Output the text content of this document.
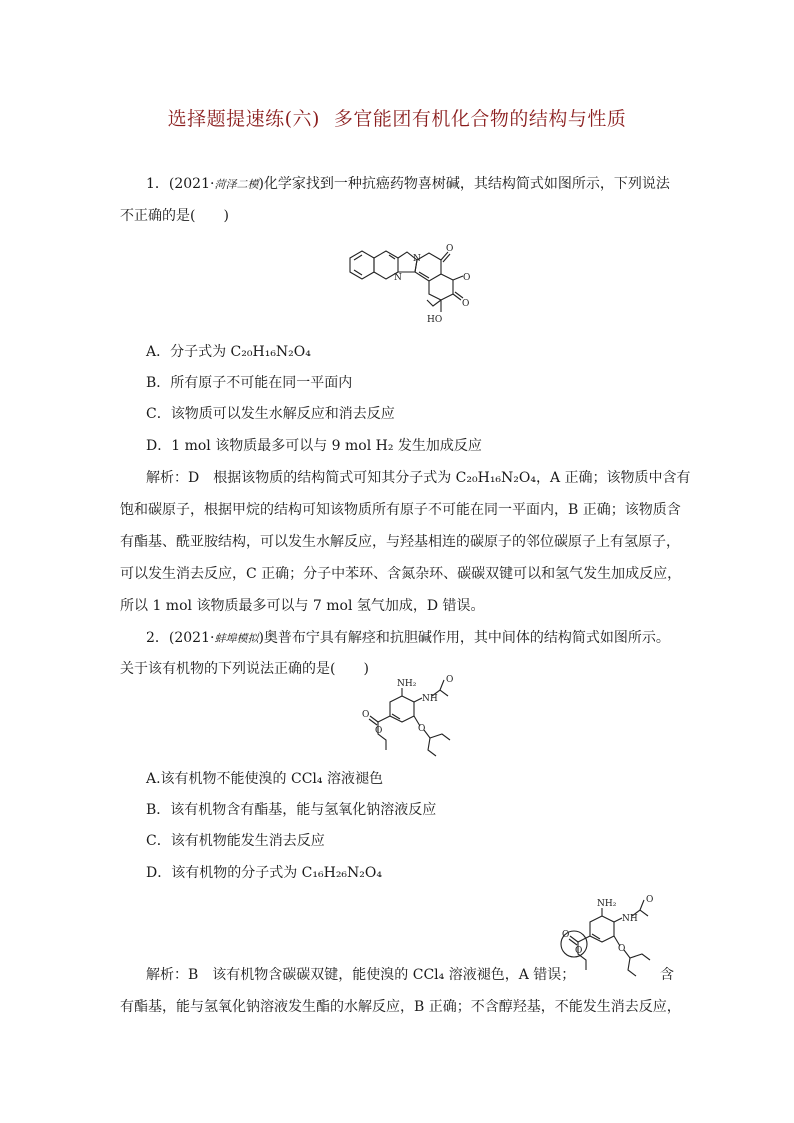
选择题提速练(六) 多官能团有机化合物的结构与性质
1．(2021·菏泽二模)化学家找到一种抗癌药物喜树碱，其结构简式如图所示，下列说法
不正确的是(　　)
O
O
O
N
N
HO
A．分子式为 C₂₀H₁₆N₂O₄
B．所有原子不可能在同一平面内
C．该物质可以发生水解反应和消去反应
D．1 mol 该物质最多可以与 9 mol H₂ 发生加成反应
解析：D　根据该物质的结构简式可知其分子式为 C₂₀H₁₆N₂O₄，A 正确；该物质中含有
饱和碳原子，根据甲烷的结构可知该物质所有原子不可能在同一平面内，B 正确；该物质含
有酯基、酰亚胺结构，可以发生水解反应，与羟基相连的碳原子的邻位碳原子上有氢原子，
可以发生消去反应，C 正确；分子中苯环、含氮杂环、碳碳双键可以和氢气发生加成反应，
所以 1 mol 该物质最多可以与 7 mol 氢气加成，D 错误。
2．(2021·蚌埠模拟)奥普布宁具有解痉和抗胆碱作用，其中间体的结构简式如图所示。
关于该有机物的下列说法正确的是(　　)
NH₂
NH
O
O	O
O
A.该有机物不能使溴的 CCl₄ 溶液褪色
B．该有机物含有酯基，能与氢氧化钠溶液反应
C．该有机物能发生消去反应
D．该有机物的分子式为 C₁₆H₂₆N₂O₄
NH₂
NH
O
O	O
O
解析：B　该有机物含碳碳双键，能使溴的 CCl₄ 溶液褪色，A 错误；	含
有酯基，能与氢氧化钠溶液发生酯的水解反应，B 正确；不含醇羟基，不能发生消去反应，
